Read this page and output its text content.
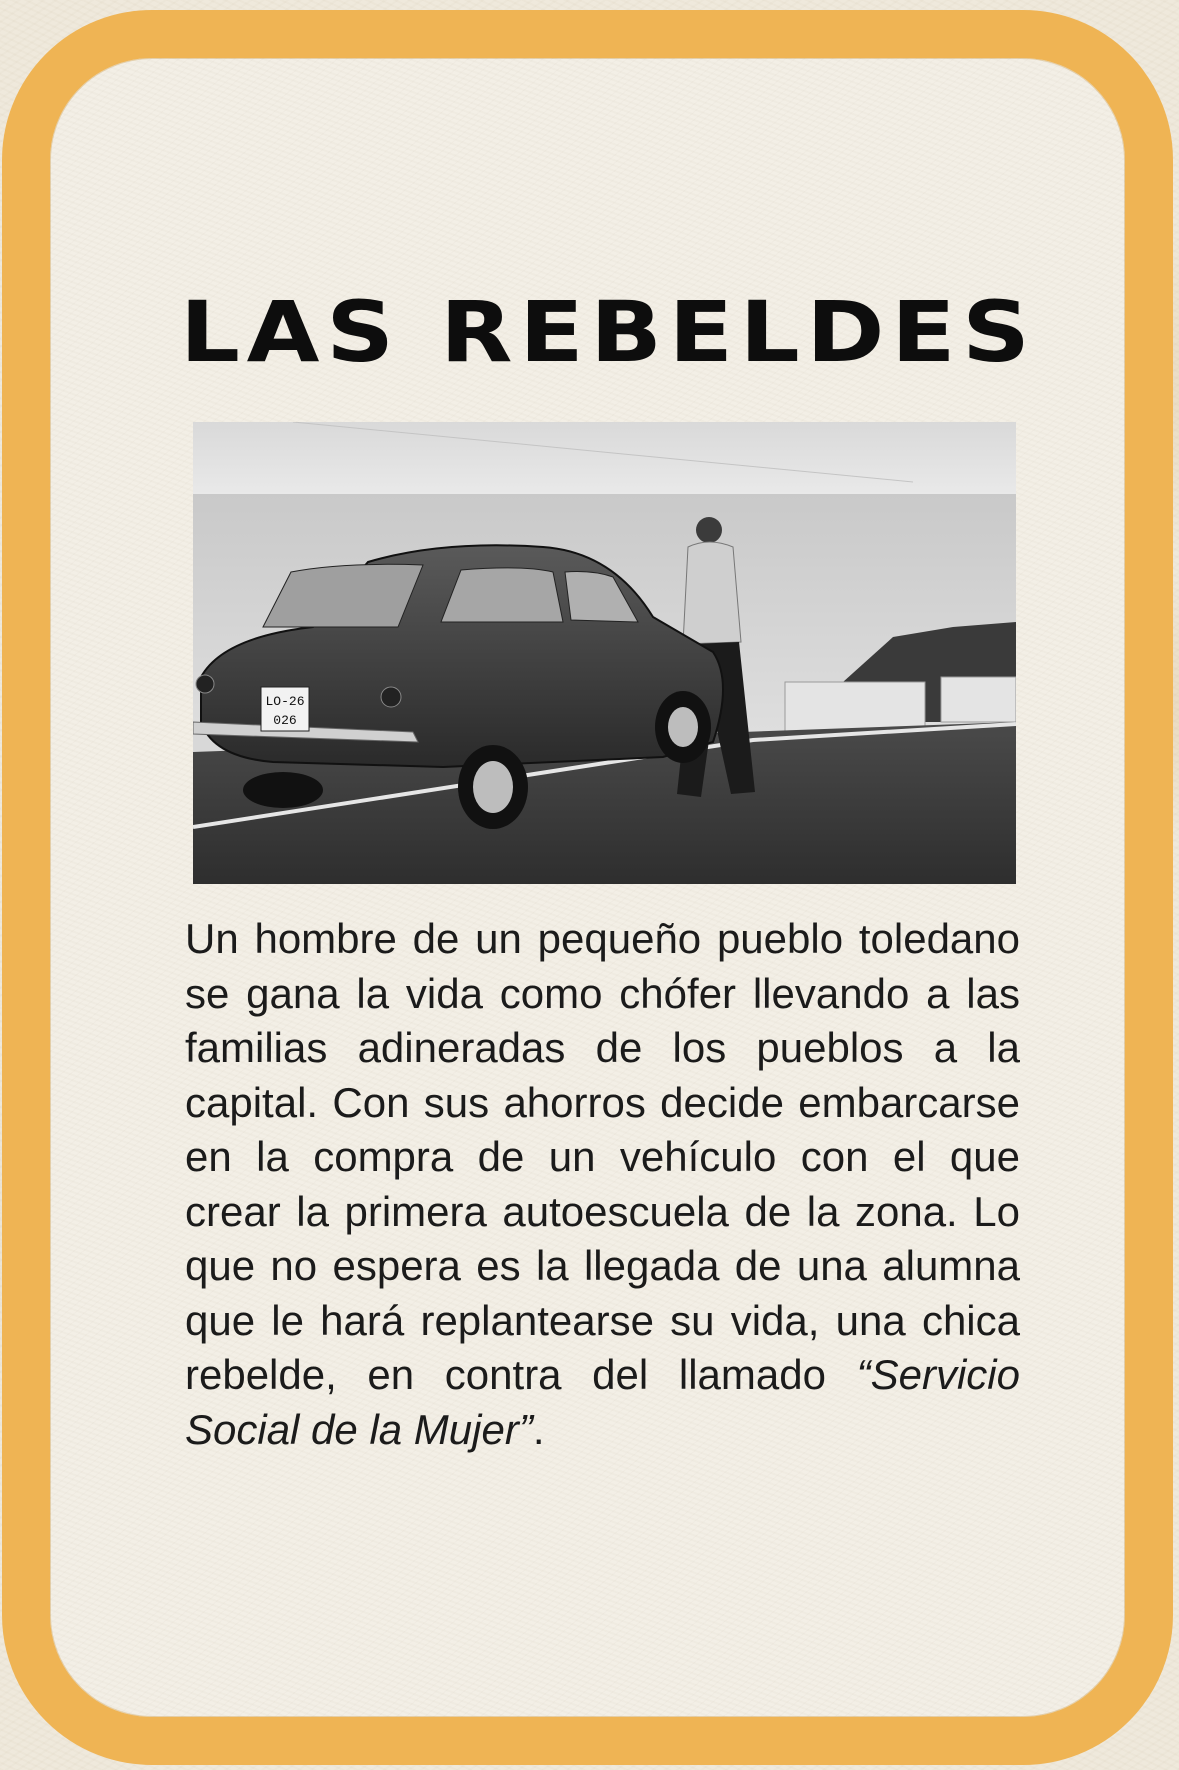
LAS REBELDES
LO-26
026

Un hombre de un pequeño pueblo toledano se gana la vida como chófer llevando a las familias adineradas de los pueblos a la capital. Con sus ahorros decide embarcarse en la compra de un vehículo con el que crear la primera autoescuela de la zona. Lo que no espera es la llegada de una alumna que le hará replantearse su vida, una chica rebelde, en contra del llamado “Servicio Social de la Mujer”.
